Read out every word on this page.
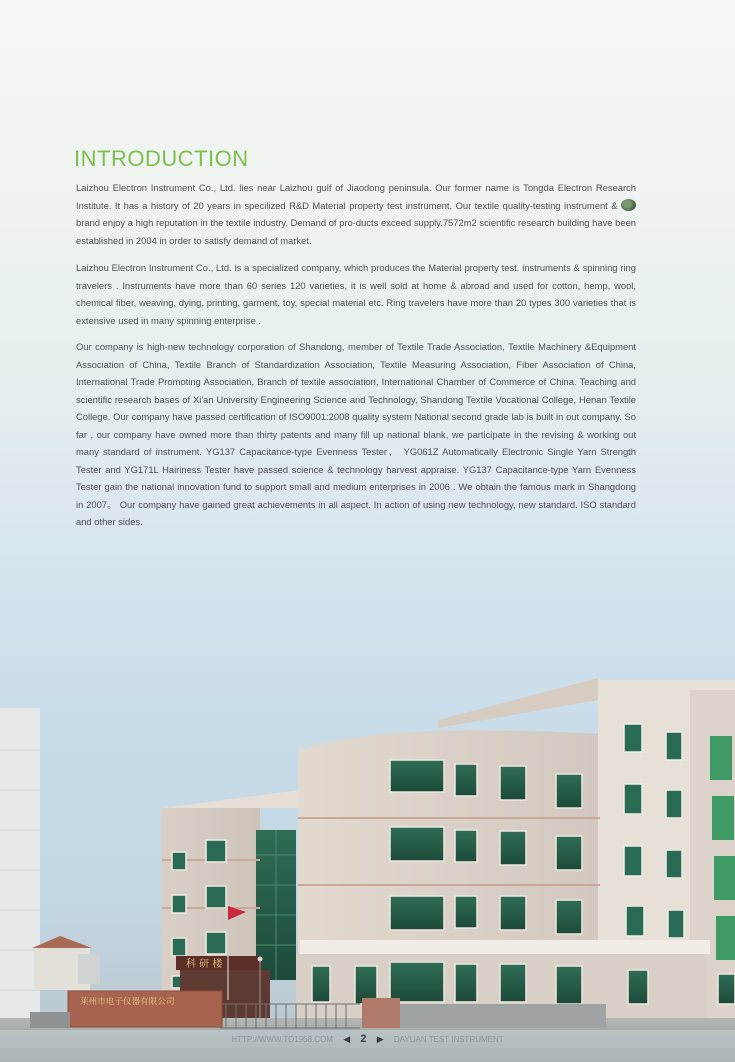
INTRODUCTION

Laizhou Electron Instrument Co., Ltd. lies near Laizhou gulf of Jiaodong peninsula. Our former name is Tongda Electron Research Institute. It has a history of 20 years in specilized R&D Material property test instrument. Our textile quality-testing instrument &  brand enjoy a high reputation in the textile industry. Demand of pro-ducts exceed supply.7572m2 scientific research building have been established in 2004 in order to satisfy demand of market.

Laizhou Electron Instrument Co., Ltd. is a specialized company, which produces the Material property test. instruments & spinning ring travelers . Instruments have more than 60 series 120 varieties, it is well sold at home & abroad and used for cotton, hemp, wool, chemical fiber, weaving, dying, printing, garment, toy, special material etc. Ring travelers have more than 20 types 300 varieties that is extensive used in many spinning enterprise .

Our company is high-new technology corporation of Shandong, member of Textile Trade Association, Textile Machinery &Equipment Association of China, Textile Branch of Standardization Association, Textile Measuring Association, Fiber Association of China, International Trade Promoting Association, Branch of textile association, International Chamber of Commerce of China. Teaching and scientific research bases of Xi'an University Engineering Science and Technology, Shandong Textile Vocational College, Henan Textile College. Our company have passed certification of ISO9001:2008 quality system National second grade lab is built in out company. So far , our company have owned more than thirty patents and many fill up national blank, we participate in the revising & working out many standard of instrument. YG137 Capacitance-type Evenness Tester、 YG061Z Automatically Electronic Single Yarn Strength Tester and YG171L Hairiness Tester have passed science & technology harvest appraise. YG137 Capacitance-type Yarn Evenness Tester gain the national innovation fund to support small and medium enterprises in 2006 . We obtain the famous mark in Shangdong in 2007。 Our company have gained great achievements in all aspect. In action of using new technology, new standard. ISO standard and other sides.

科 研 楼
莱州市电子仪器有限公司
HTTP://WWW.TO1958.COM ◀ 2 ▶ DAYUAN TEST INSTRUMENT
